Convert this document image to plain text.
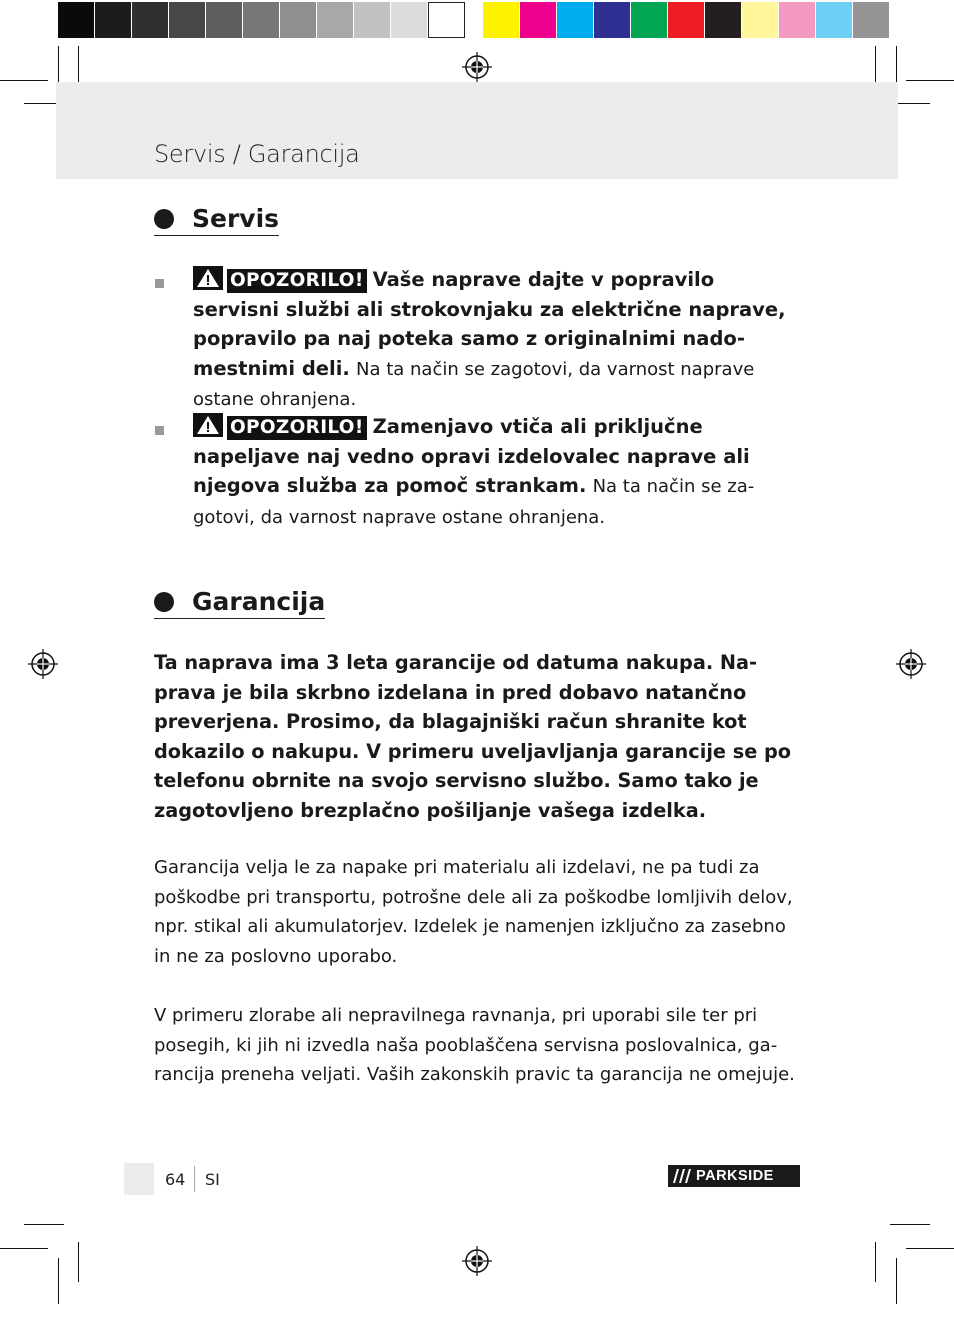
Servis / Garancija
Servis
OPOZORILO! Vaše naprave dajte v popravilo servisni službi ali strokovnjaku za električne naprave, popravilo pa naj poteka samo z originalnimi nado-mestnimi deli. Na ta način se zagotovi, da varnost naprave ostane ohranjena.
OPOZORILO! Zamenjavo vtiča ali priključne napeljave naj vedno opravi izdelovalec naprave ali njegova služba za pomoč strankam. Na ta način se za-gotovi, da varnost naprave ostane ohranjena.
Garancija
Ta naprava ima 3 leta garancije od datuma nakupa. Na-prava je bila skrbno izdelana in pred dobavo natančno preverjena. Prosimo, da blagajniški račun shranite kot dokazilo o nakupu. V primeru uveljavljanja garancije se po telefonu obrnite na svojo servisno službo. Samo tako je zagotovljeno brezplačno pošiljanje vašega izdelka.
Garancija velja le za napake pri materialu ali izdelavi, ne pa tudi za poškodbe pri transportu, potrošne dele ali za poškodbe lomljivih delov, npr. stikal ali akumulatorjev. Izdelek je namenjen izključno za zasebno in ne za poslovno uporabo.
V primeru zlorabe ali nepravilnega ravnanja, pri uporabi sile ter pri posegih, ki jih ni izvedla naša pooblaščena servisna poslovalnica, ga-rancija preneha veljati. Vaših zakonskih pravic ta garancija ne omejuje.
64 SI	PARKSIDE
